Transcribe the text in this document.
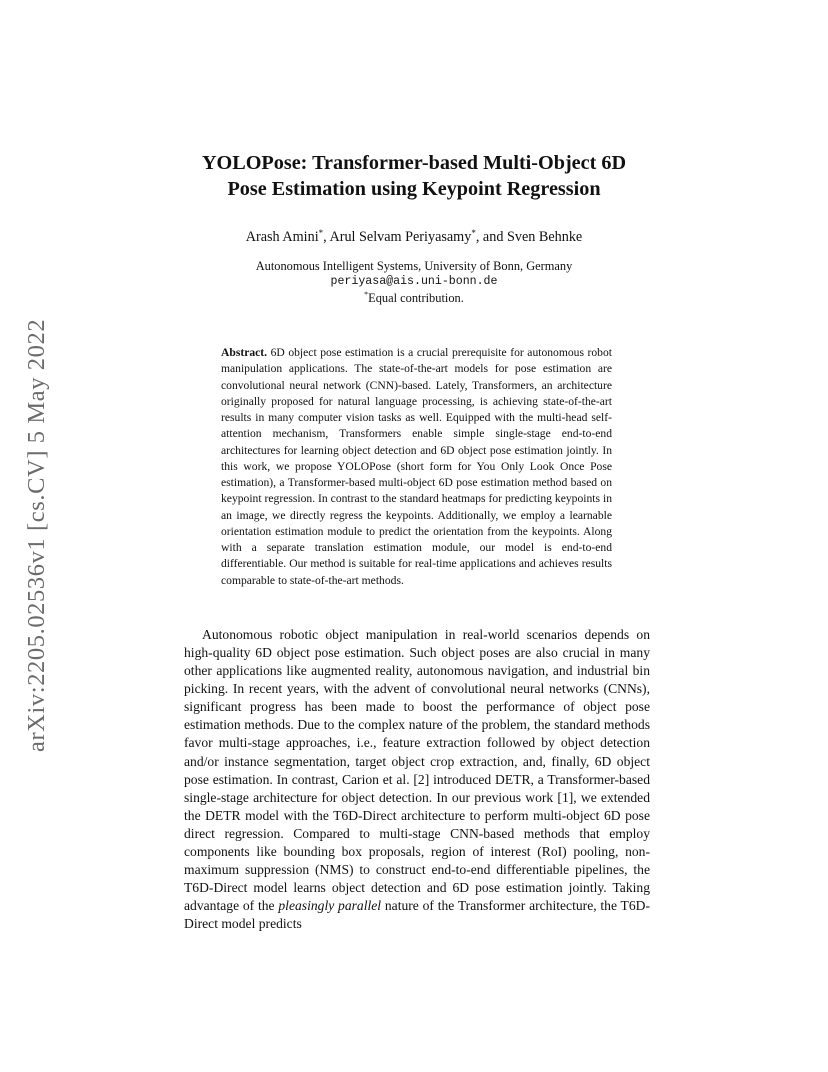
arXiv:2205.02536v1 [cs.CV] 5 May 2022
YOLOPose: Transformer-based Multi-Object 6D
Pose Estimation using Keypoint Regression
Arash Amini*, Arul Selvam Periyasamy*, and Sven Behnke
Autonomous Intelligent Systems, University of Bonn, Germany
periyasa@ais.uni-bonn.de
*Equal contribution.

Abstract. 6D object pose estimation is a crucial prerequisite for autonomous robot manipulation applications. The state-of-the-art models for pose estimation are convolutional neural network (CNN)-based. Lately, Transformers, an architecture originally proposed for natural language processing, is achieving state-of-the-art results in many computer vision tasks as well. Equipped with the multi-head self-attention mechanism, Transformers enable simple single-stage end-to-end architectures for learning object detection and 6D object pose estimation jointly. In this work, we propose YOLOPose (short form for You Only Look Once Pose estimation), a Transformer-based multi-object 6D pose estimation method based on keypoint regression. In contrast to the standard heatmaps for predicting keypoints in an image, we directly regress the keypoints. Additionally, we employ a learnable orientation estimation module to predict the orientation from the keypoints. Along with a separate translation estimation module, our model is end-to-end differentiable. Our method is suitable for real-time applications and achieves results comparable to state-of-the-art methods.

Autonomous robotic object manipulation in real-world scenarios depends on high-quality 6D object pose estimation. Such object poses are also crucial in many other applications like augmented reality, autonomous navigation, and industrial bin picking. In recent years, with the advent of convolutional neural networks (CNNs), significant progress has been made to boost the performance of object pose estimation methods. Due to the complex nature of the problem, the standard methods favor multi-stage approaches, i.e., feature extraction followed by object detection and/or instance segmentation, target object crop extraction, and, finally, 6D object pose estimation. In contrast, Carion et al. [2] introduced DETR, a Transformer-based single-stage architecture for object detection. In our previous work [1], we extended the DETR model with the T6D-Direct architecture to perform multi-object 6D pose direct regression. Compared to multi-stage CNN-based methods that employ components like bounding box proposals, region of interest (RoI) pooling, non-maximum suppression (NMS) to construct end-to-end differentiable pipelines, the T6D-Direct model learns object detection and 6D pose estimation jointly. Taking advantage of the pleasingly parallel nature of the Transformer architecture, the T6D-Direct model predicts
